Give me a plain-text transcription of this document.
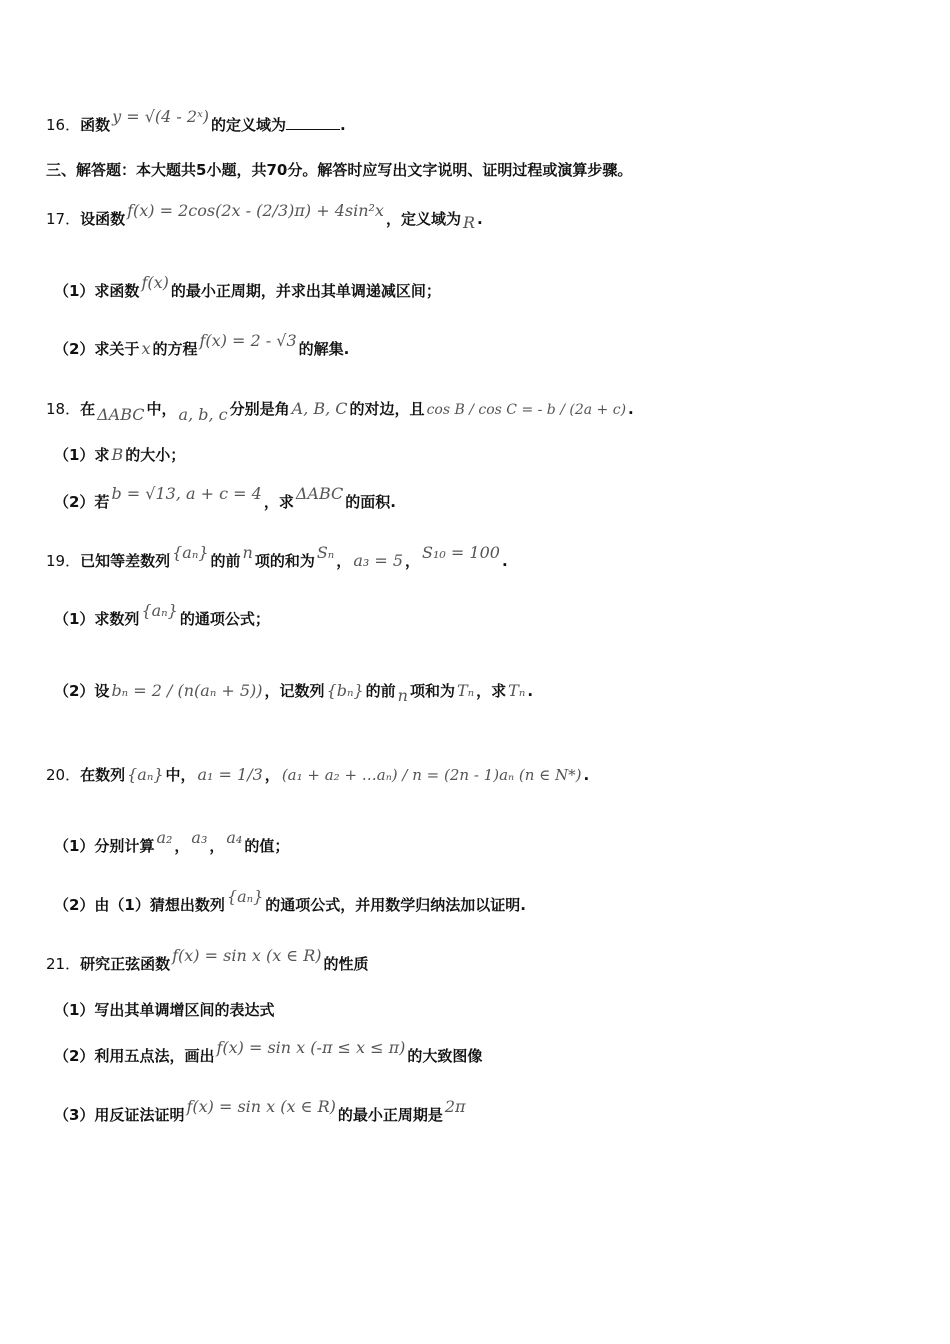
16．函数 y = √(4 - 2ˣ) 的定义域为	.
三、解答题：本大题共5小题，共70分。解答时应写出文字说明、证明过程或演算步骤。
17．设函数 f(x) = 2cos(2x - (2/3)π) + 4sin²x ，定义域为 R .
（1）求函数 f(x) 的最小正周期，并求出其单调递减区间；
（2）求关于 x 的方程 f(x) = 2 - √3 的解集.
18．在 ΔABC 中， a, b, c 分别是角 A, B, C 的对边，且 cos B / cos C = - b / (2a + c) .
（1）求 B 的大小；
（2）若 b = √13, a + c = 4 ，求 ΔABC 的面积.
19．已知等差数列 {aₙ} 的前 n 项的和为 Sₙ ， a₃ = 5 ， S₁₀ = 100 .
（1）求数列 {aₙ} 的通项公式；
（2）设 bₙ = 2 / (n(aₙ + 5)) ，记数列 {bₙ} 的前 n 项和为 Tₙ ，求 Tₙ .
20．在数列 {aₙ} 中， a₁ = 1/3 ， (a₁ + a₂ + …aₙ) / n = (2n - 1)aₙ (n ∈ N*) .
（1）分别计算 a₂ ， a₃ ， a₄ 的值；
（2）由（1）猜想出数列 {aₙ} 的通项公式，并用数学归纳法加以证明.
21．研究正弦函数 f(x) = sin x (x ∈ R) 的性质
（1）写出其单调增区间的表达式
（2）利用五点法，画出 f(x) = sin x (-π ≤ x ≤ π) 的大致图像
（3）用反证法证明 f(x) = sin x (x ∈ R) 的最小正周期是 2π
